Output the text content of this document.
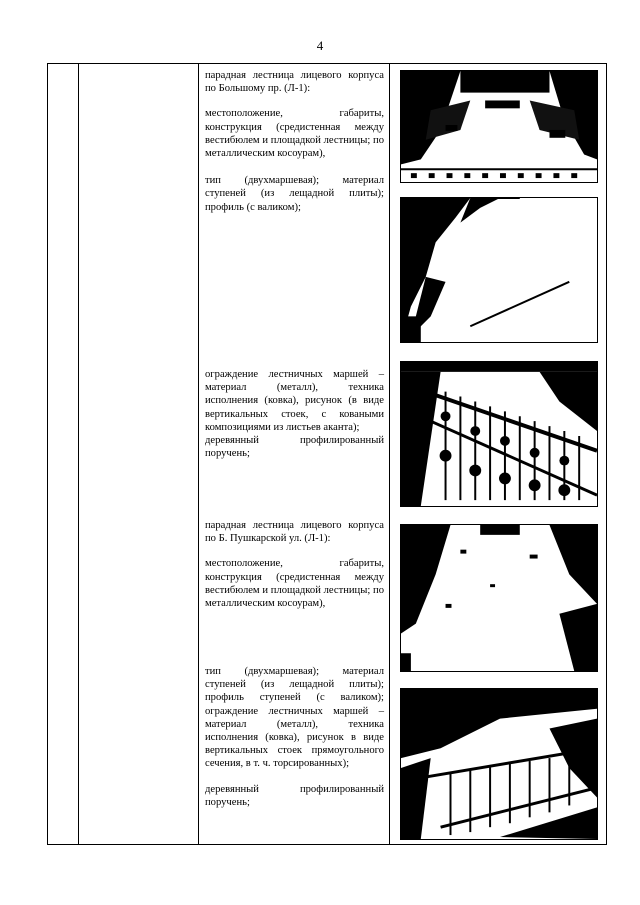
4

парадная лестница лицевого корпуса по Большому пр. (Л-1):

местоположение, габариты, конструкция (средистенная между вестибюлем и площадкой лестницы; по металлическим косоурам),

тип (двухмаршевая); материал ступеней (из лещадной плиты); профиль (с валиком);

ограждение лестничных маршей – материал (металл), техника исполнения (ковка), рисунок (в виде вертикальных стоек, с коваными композициями из листьев аканта);

деревянный профилированный поручень;

парадная лестница лицевого корпуса по Б. Пушкарской ул. (Л-1):

местоположение, габариты, конструкция (средистенная между вестибюлем и площадкой лестницы; по металлическим косоурам),

тип (двухмаршевая); материал ступеней (из лещадной плиты); профиль ступеней (с валиком); ограждение лестничных маршей – материал (металл), техника исполнения (ковка), рисунок в виде вертикальных стоек прямоугольного сечения, в т. ч. торсированных);

деревянный профилированный поручень;
